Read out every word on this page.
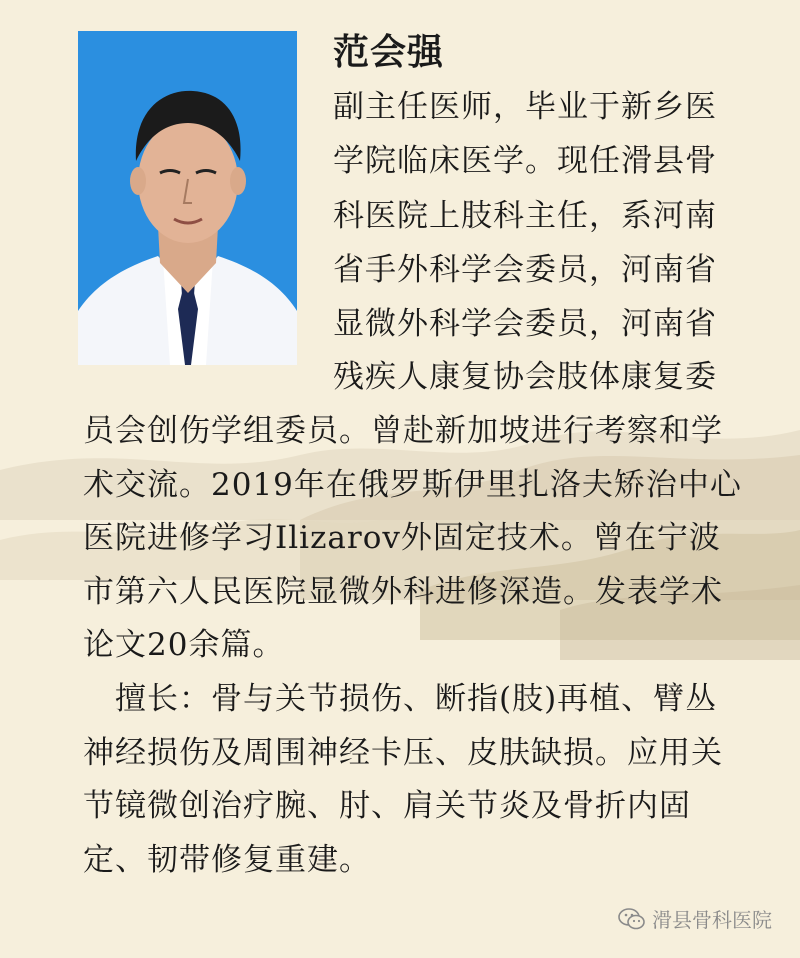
范会强
副主任医师，毕业于新乡医
学院临床医学。现任滑县骨
科医院上肢科主任，系河南
省手外科学会委员，河南省
显微外科学会委员，河南省
残疾人康复协会肢体康复委
员会创伤学组委员。曾赴新加坡进行考察和学
术交流。2019年在俄罗斯伊里扎洛夫矫治中心
医院进修学习Ilizarov外固定技术。曾在宁波
市第六人民医院显微外科进修深造。发表学术
论文20余篇。
　擅长：骨与关节损伤、断指(肢)再植、臂丛
神经损伤及周围神经卡压、皮肤缺损。应用关
节镜微创治疗腕、肘、肩关节炎及骨折内固
定、韧带修复重建。
滑县骨科医院
